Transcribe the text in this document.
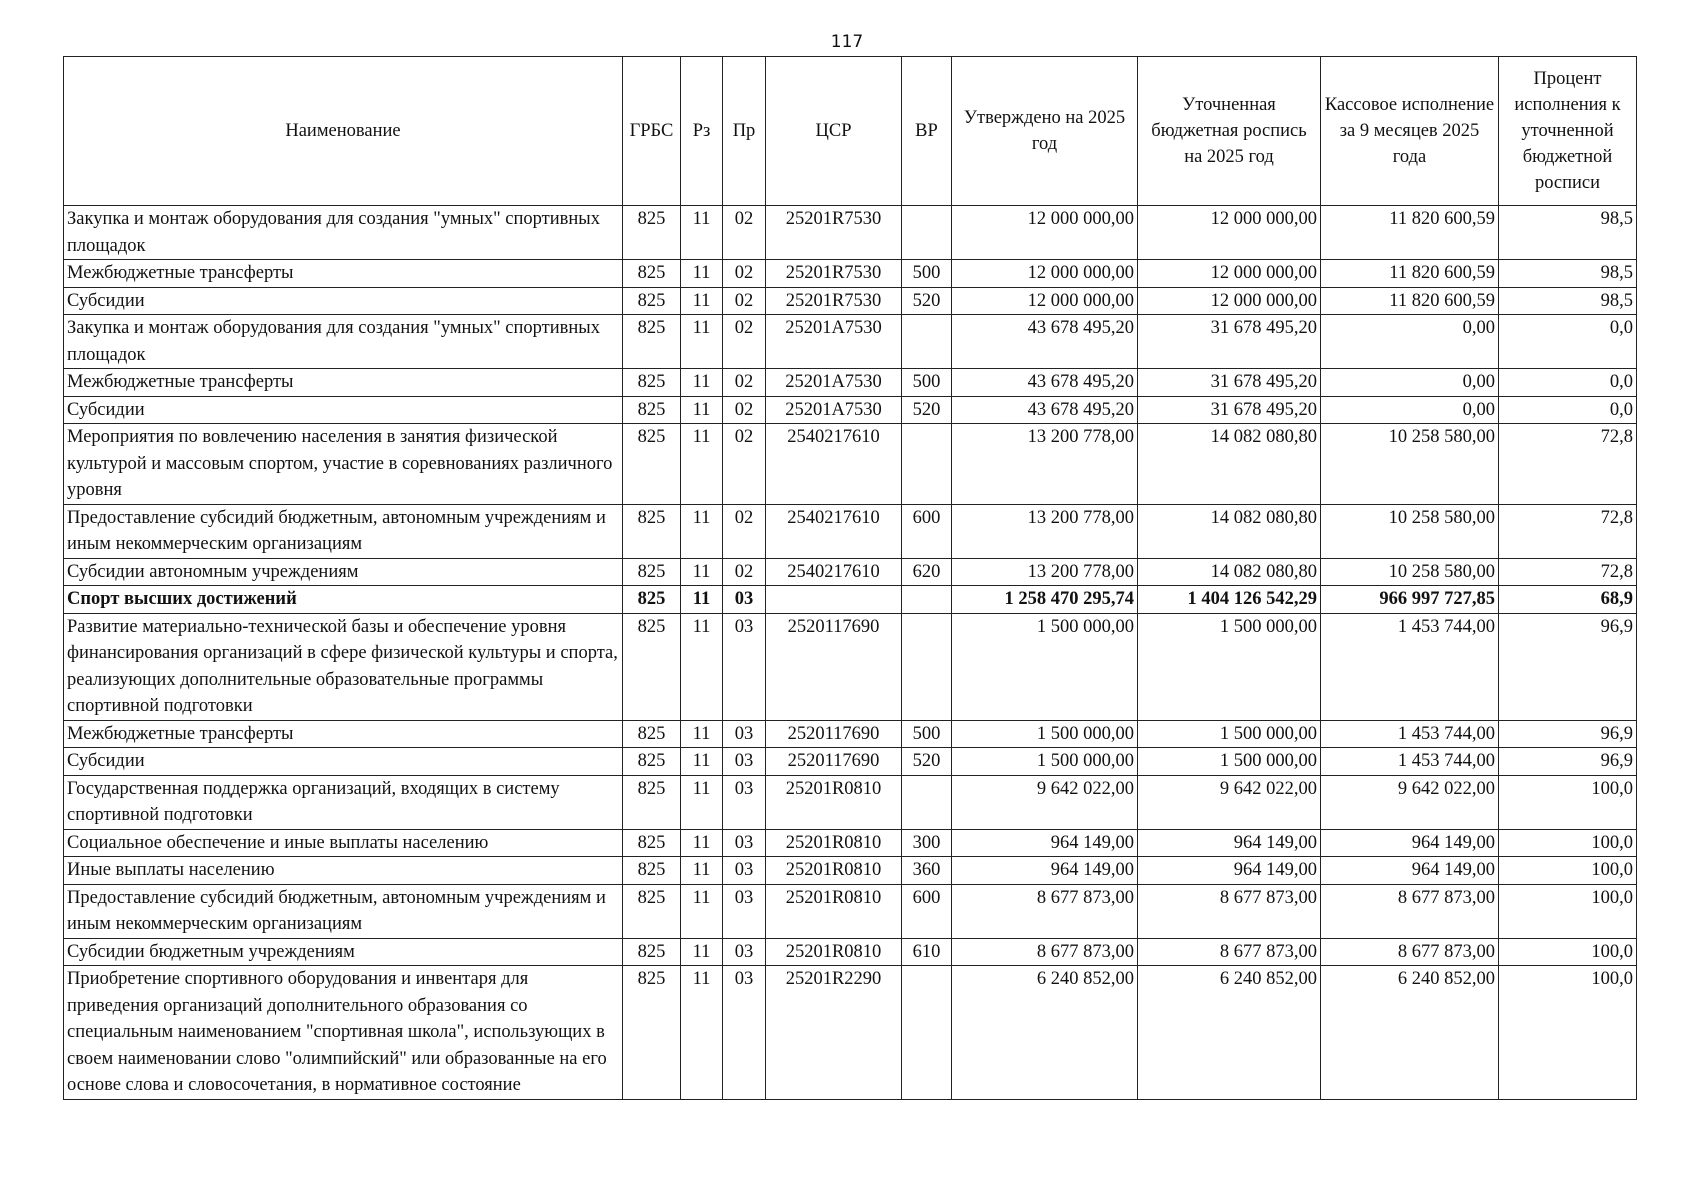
117
Наименование	ГРБС	Рз	Пр	ЦСР	ВР	Утверждено на 2025 год	Уточненная бюджетная роспись на 2025 год	Кассовое исполнение за 9 месяцев 2025 года	Процент исполнения к уточненной бюджетной росписи
Закупка и монтаж оборудования для создания "умных" спортивных площадок	825	11	02	25201R7530		12 000 000,00	12 000 000,00	11 820 600,59	98,5
Межбюджетные трансферты	825	11	02	25201R7530	500	12 000 000,00	12 000 000,00	11 820 600,59	98,5
Субсидии	825	11	02	25201R7530	520	12 000 000,00	12 000 000,00	11 820 600,59	98,5
Закупка и монтаж оборудования для создания "умных" спортивных площадок	825	11	02	25201A7530		43 678 495,20	31 678 495,20	0,00	0,0
Межбюджетные трансферты	825	11	02	25201A7530	500	43 678 495,20	31 678 495,20	0,00	0,0
Субсидии	825	11	02	25201A7530	520	43 678 495,20	31 678 495,20	0,00	0,0
Мероприятия по вовлечению населения в занятия физической культурой и массовым спортом, участие в соревнованиях различного уровня	825	11	02	2540217610		13 200 778,00	14 082 080,80	10 258 580,00	72,8
Предоставление субсидий бюджетным, автономным учреждениям и иным некоммерческим организациям	825	11	02	2540217610	600	13 200 778,00	14 082 080,80	10 258 580,00	72,8
Субсидии автономным учреждениям	825	11	02	2540217610	620	13 200 778,00	14 082 080,80	10 258 580,00	72,8
Спорт высших достижений	825	11	03			1 258 470 295,74	1 404 126 542,29	966 997 727,85	68,9
Развитие материально-технической базы и обеспечение уровня финансирования организаций в сфере физической культуры и спорта, реализующих дополнительные образовательные программы спортивной подготовки	825	11	03	2520117690		1 500 000,00	1 500 000,00	1 453 744,00	96,9
Межбюджетные трансферты	825	11	03	2520117690	500	1 500 000,00	1 500 000,00	1 453 744,00	96,9
Субсидии	825	11	03	2520117690	520	1 500 000,00	1 500 000,00	1 453 744,00	96,9
Государственная поддержка организаций, входящих в систему спортивной подготовки	825	11	03	25201R0810		9 642 022,00	9 642 022,00	9 642 022,00	100,0
Социальное обеспечение и иные выплаты населению	825	11	03	25201R0810	300	964 149,00	964 149,00	964 149,00	100,0
Иные выплаты населению	825	11	03	25201R0810	360	964 149,00	964 149,00	964 149,00	100,0
Предоставление субсидий бюджетным, автономным учреждениям и иным некоммерческим организациям	825	11	03	25201R0810	600	8 677 873,00	8 677 873,00	8 677 873,00	100,0
Субсидии бюджетным учреждениям	825	11	03	25201R0810	610	8 677 873,00	8 677 873,00	8 677 873,00	100,0
Приобретение спортивного оборудования и инвентаря для приведения организаций дополнительного образования со специальным наименованием "спортивная школа", использующих в своем наименовании слово "олимпийский" или образованные на его основе слова и словосочетания, в нормативное состояние	825	11	03	25201R2290		6 240 852,00	6 240 852,00	6 240 852,00	100,0
